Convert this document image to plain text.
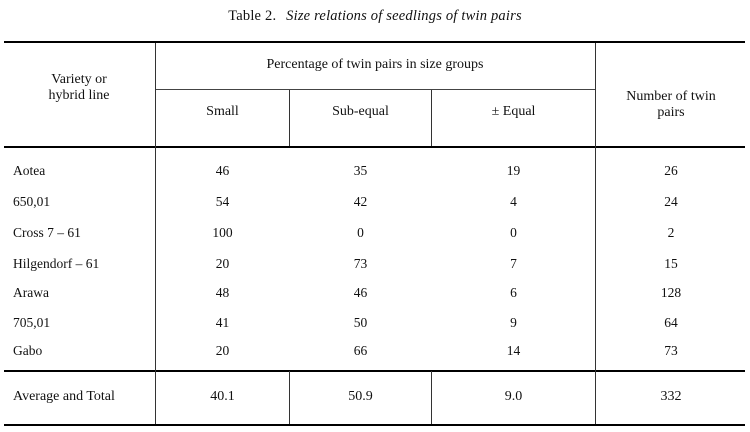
Table 2. Size relations of seedlings of twin pairs
Variety or
hybrid line
Percentage of twin pairs in size groups
Number of twin
pairs
Small	Sub-equal	± Equal
Aotea	46	35	19	26
650,01	54	42	4	24
Cross 7 – 61	100	0	0	2
Hilgendorf – 61	20	73	7	15
Arawa	48	46	6	128
705,01	41	50	9	64
Gabo	20	66	14	73
Average and Total	40.1	50.9	9.0	332
